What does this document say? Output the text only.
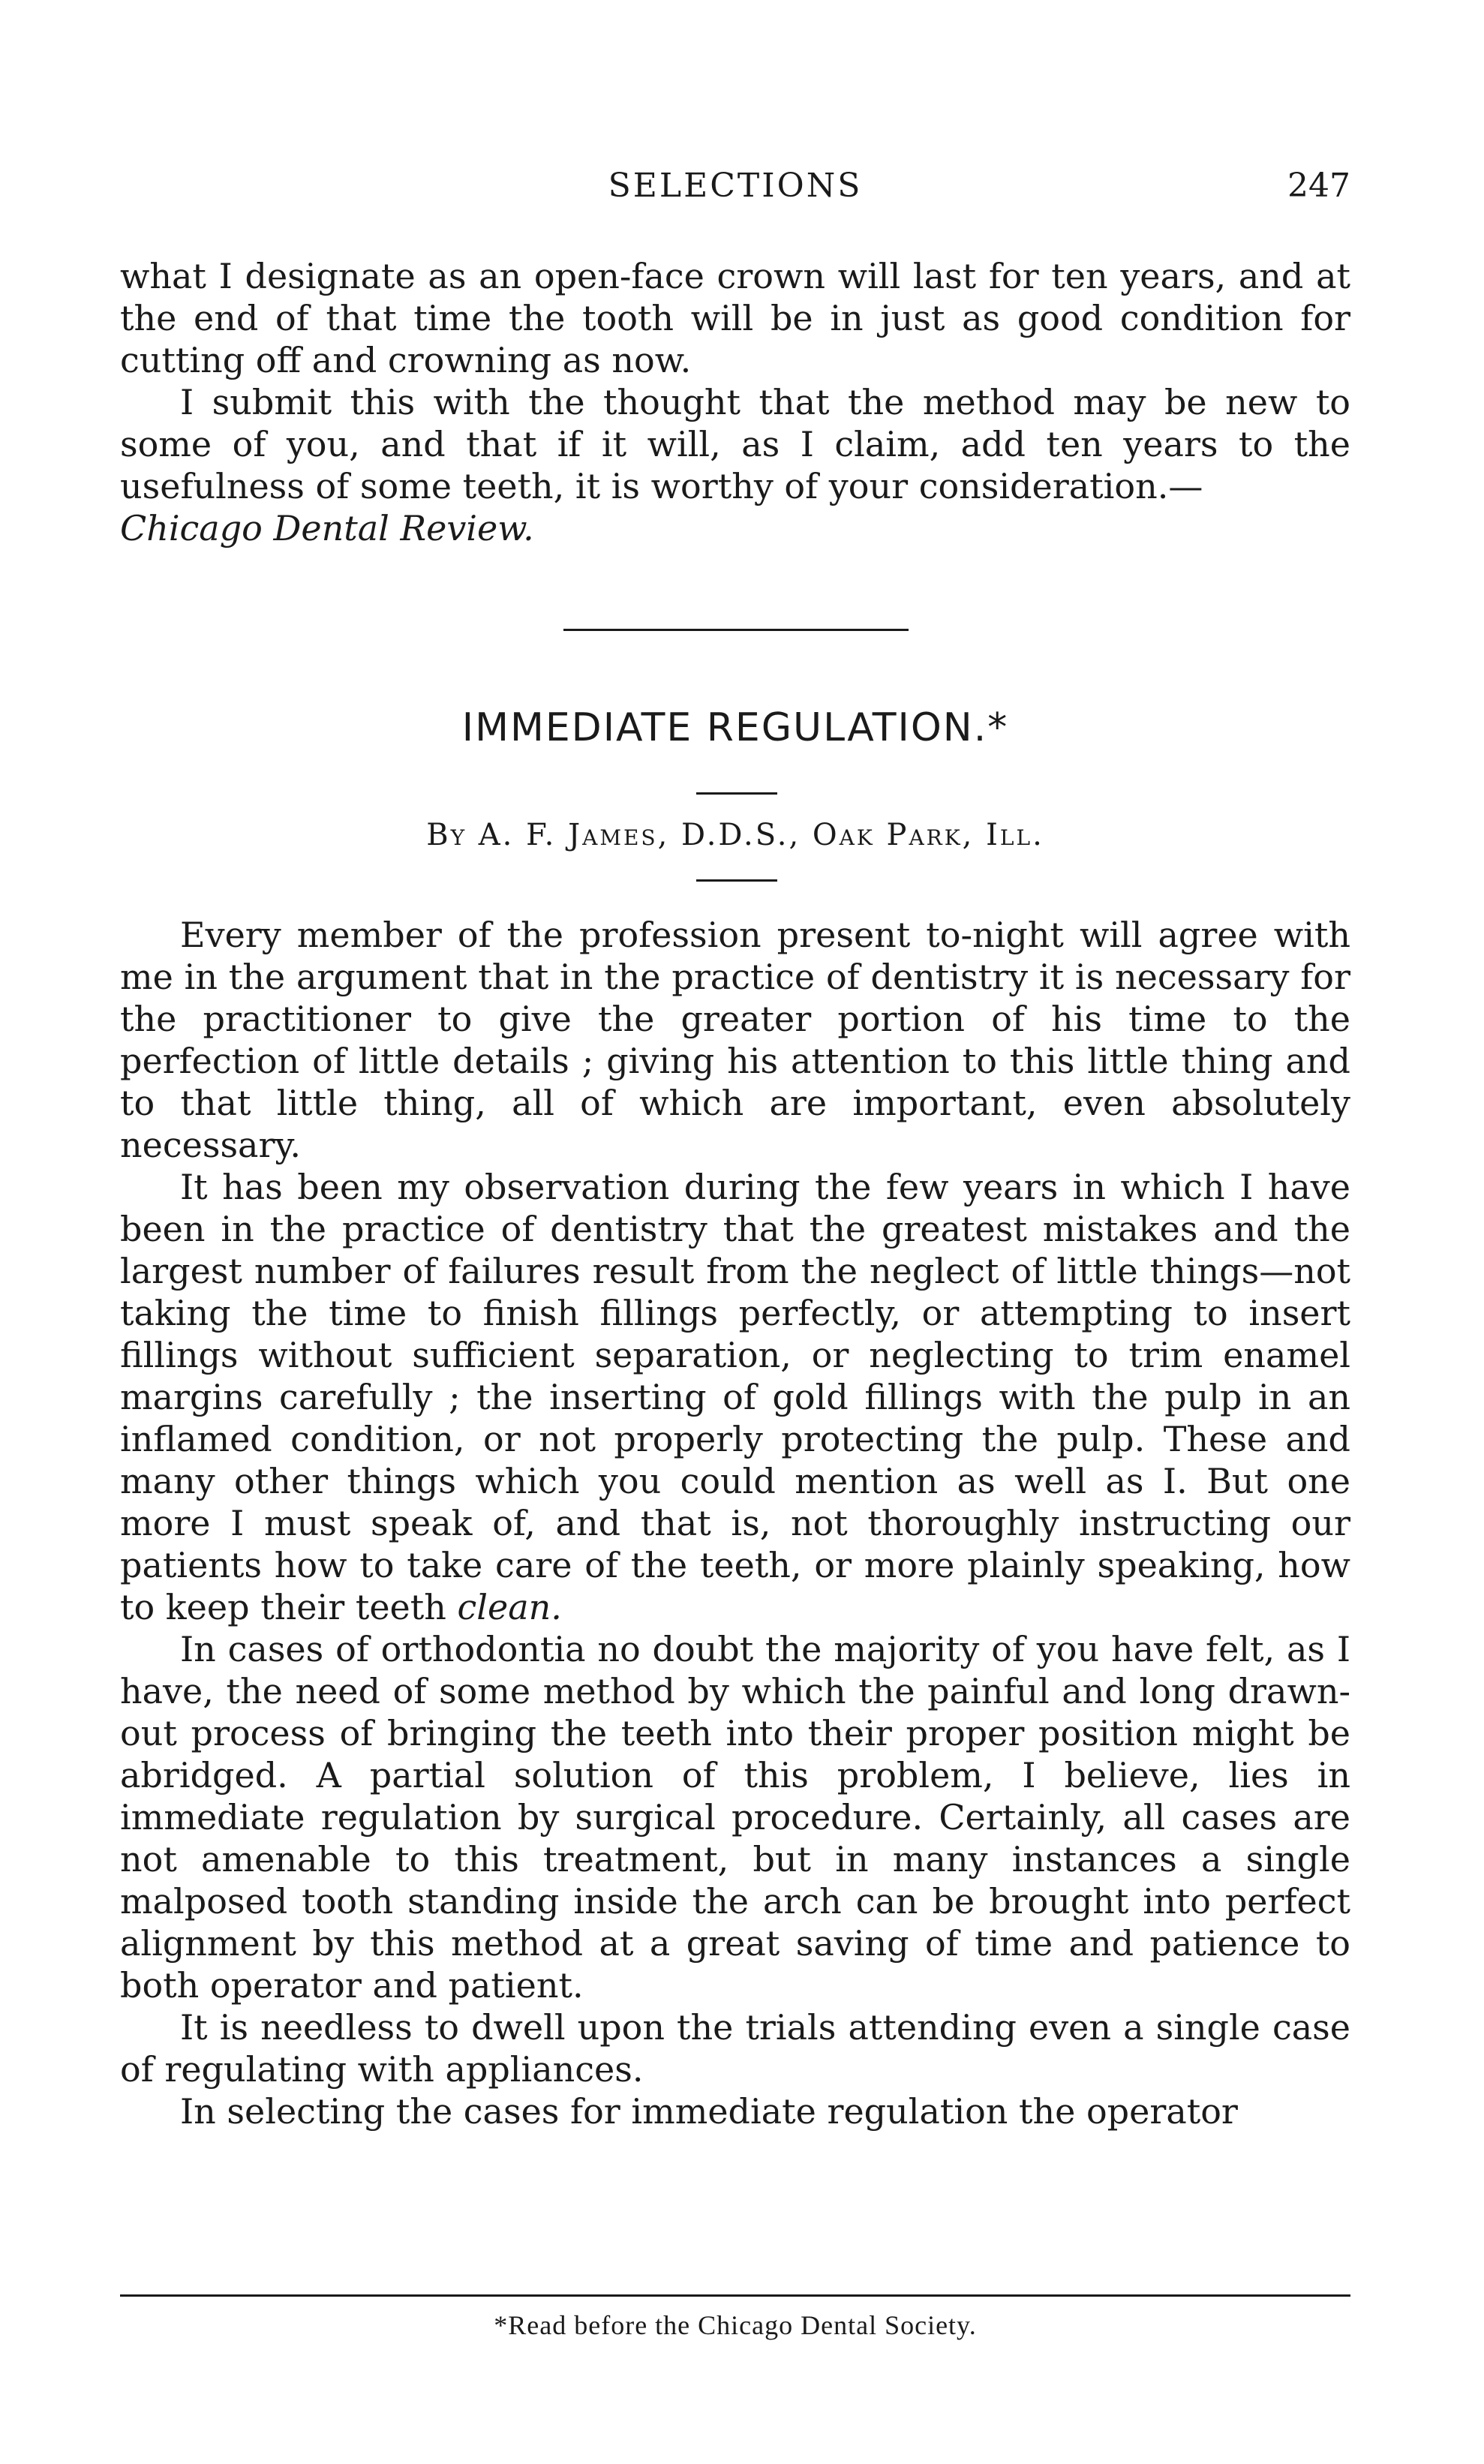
SELECTIONS	247

what I designate as an open-face crown will last for ten years, and at the end of that time the tooth will be in just as good condition for cutting off and crowning as now.

I submit this with the thought that the method may be new to some of you, and that if it will, as I claim, add ten years to the usefulness of some teeth, it is worthy of your consideration.—
Chicago Dental Review.

IMMEDIATE REGULATION.*
By A. F. James, D.D.S., Oak Park, Ill.

Every member of the profession present to-night will agree with me in the argument that in the practice of dentistry it is necessary for the practitioner to give the greater portion of his time to the perfection of little details ; giving his attention to this little thing and to that little thing, all of which are important, even absolutely necessary.

It has been my observation during the few years in which I have been in the practice of dentistry that the greatest mistakes and the largest number of failures result from the neglect of little things—not taking the time to finish fillings perfectly, or attempting to insert fillings without sufficient separation, or neglecting to trim enamel margins carefully ; the inserting of gold fillings with the pulp in an inflamed condition, or not properly protecting the pulp. These and many other things which you could mention as well as I. But one more I must speak of, and that is, not thoroughly instructing our patients how to take care of the teeth, or more plainly speaking, how to keep their teeth clean.

In cases of orthodontia no doubt the majority of you have felt, as I have, the need of some method by which the painful and long drawn-out process of bringing the teeth into their proper position might be abridged. A partial solution of this problem, I believe, lies in immediate regulation by surgical procedure. Certainly, all cases are not amenable to this treatment, but in many instances a single malposed tooth standing inside the arch can be brought into perfect alignment by this method at a great saving of time and patience to both operator and patient.

It is needless to dwell upon the trials attending even a single case of regulating with appliances.

In selecting the cases for immediate regulation the operator

*Read before the Chicago Dental Society.
